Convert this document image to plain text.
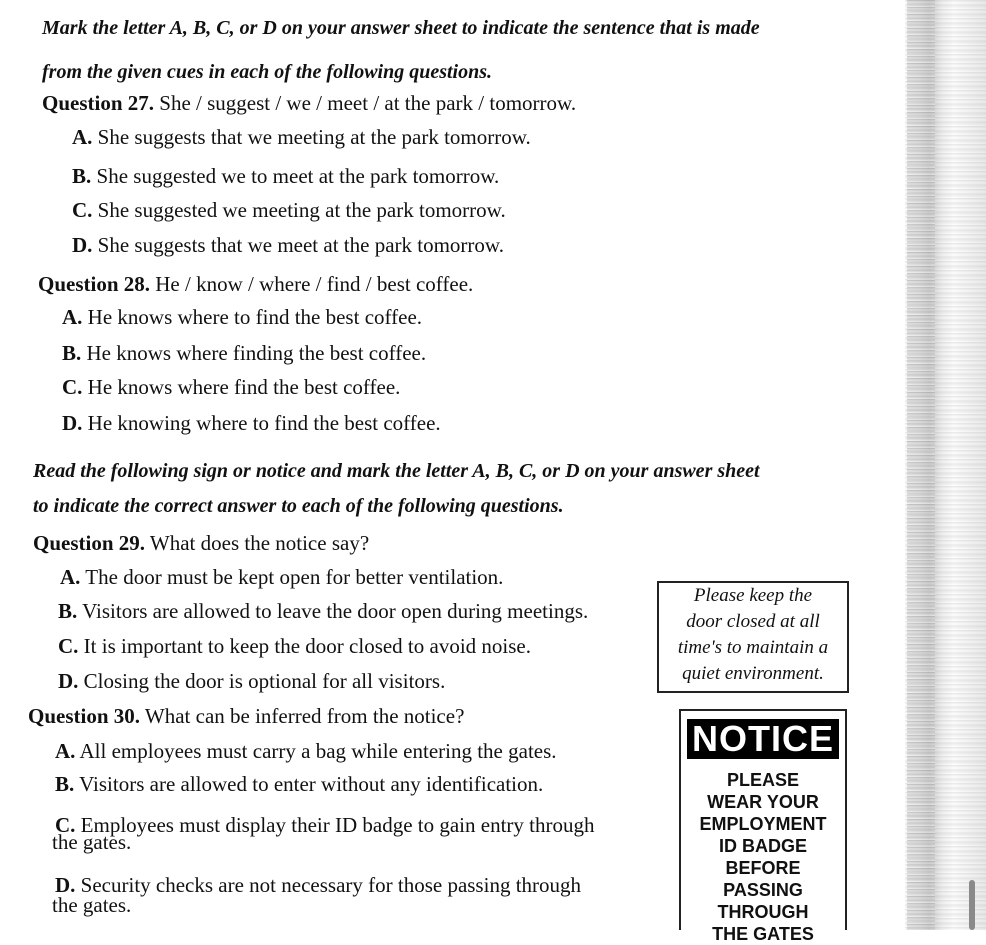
Mark the letter A, B, C, or D on your answer sheet to indicate the sentence that is made
from the given cues in each of the following questions.
Question 27. She / suggest / we / meet / at the park / tomorrow.
A. She suggests that we meeting at the park tomorrow.
B. She suggested we to meet at the park tomorrow.
C. She suggested we meeting at the park tomorrow.
D. She suggests that we meet at the park tomorrow.
Question 28. He / know / where / find / best coffee.
A. He knows where to find the best coffee.
B. He knows where finding the best coffee.
C. He knows where find the best coffee.
D. He knowing where to find the best coffee.
Read the following sign or notice and mark the letter A, B, C, or D on your answer sheet
to indicate the correct answer to each of the following questions.
Question 29. What does the notice say?
A. The door must be kept open for better ventilation.
B. Visitors are allowed to leave the door open during meetings.
C. It is important to keep the door closed to avoid noise.
D. Closing the door is optional for all visitors.
Please keep the
door closed at all
time's to maintain a
quiet environment.
Question 30. What can be inferred from the notice?
A. All employees must carry a bag while entering the gates.
B. Visitors are allowed to enter without any identification.
C. Employees must display their ID badge to gain entry through
the gates.
D. Security checks are not necessary for those passing through
the gates.
NOTICE
PLEASE
WEAR YOUR
EMPLOYMENT
ID BADGE
BEFORE
PASSING
THROUGH
THE GATES
